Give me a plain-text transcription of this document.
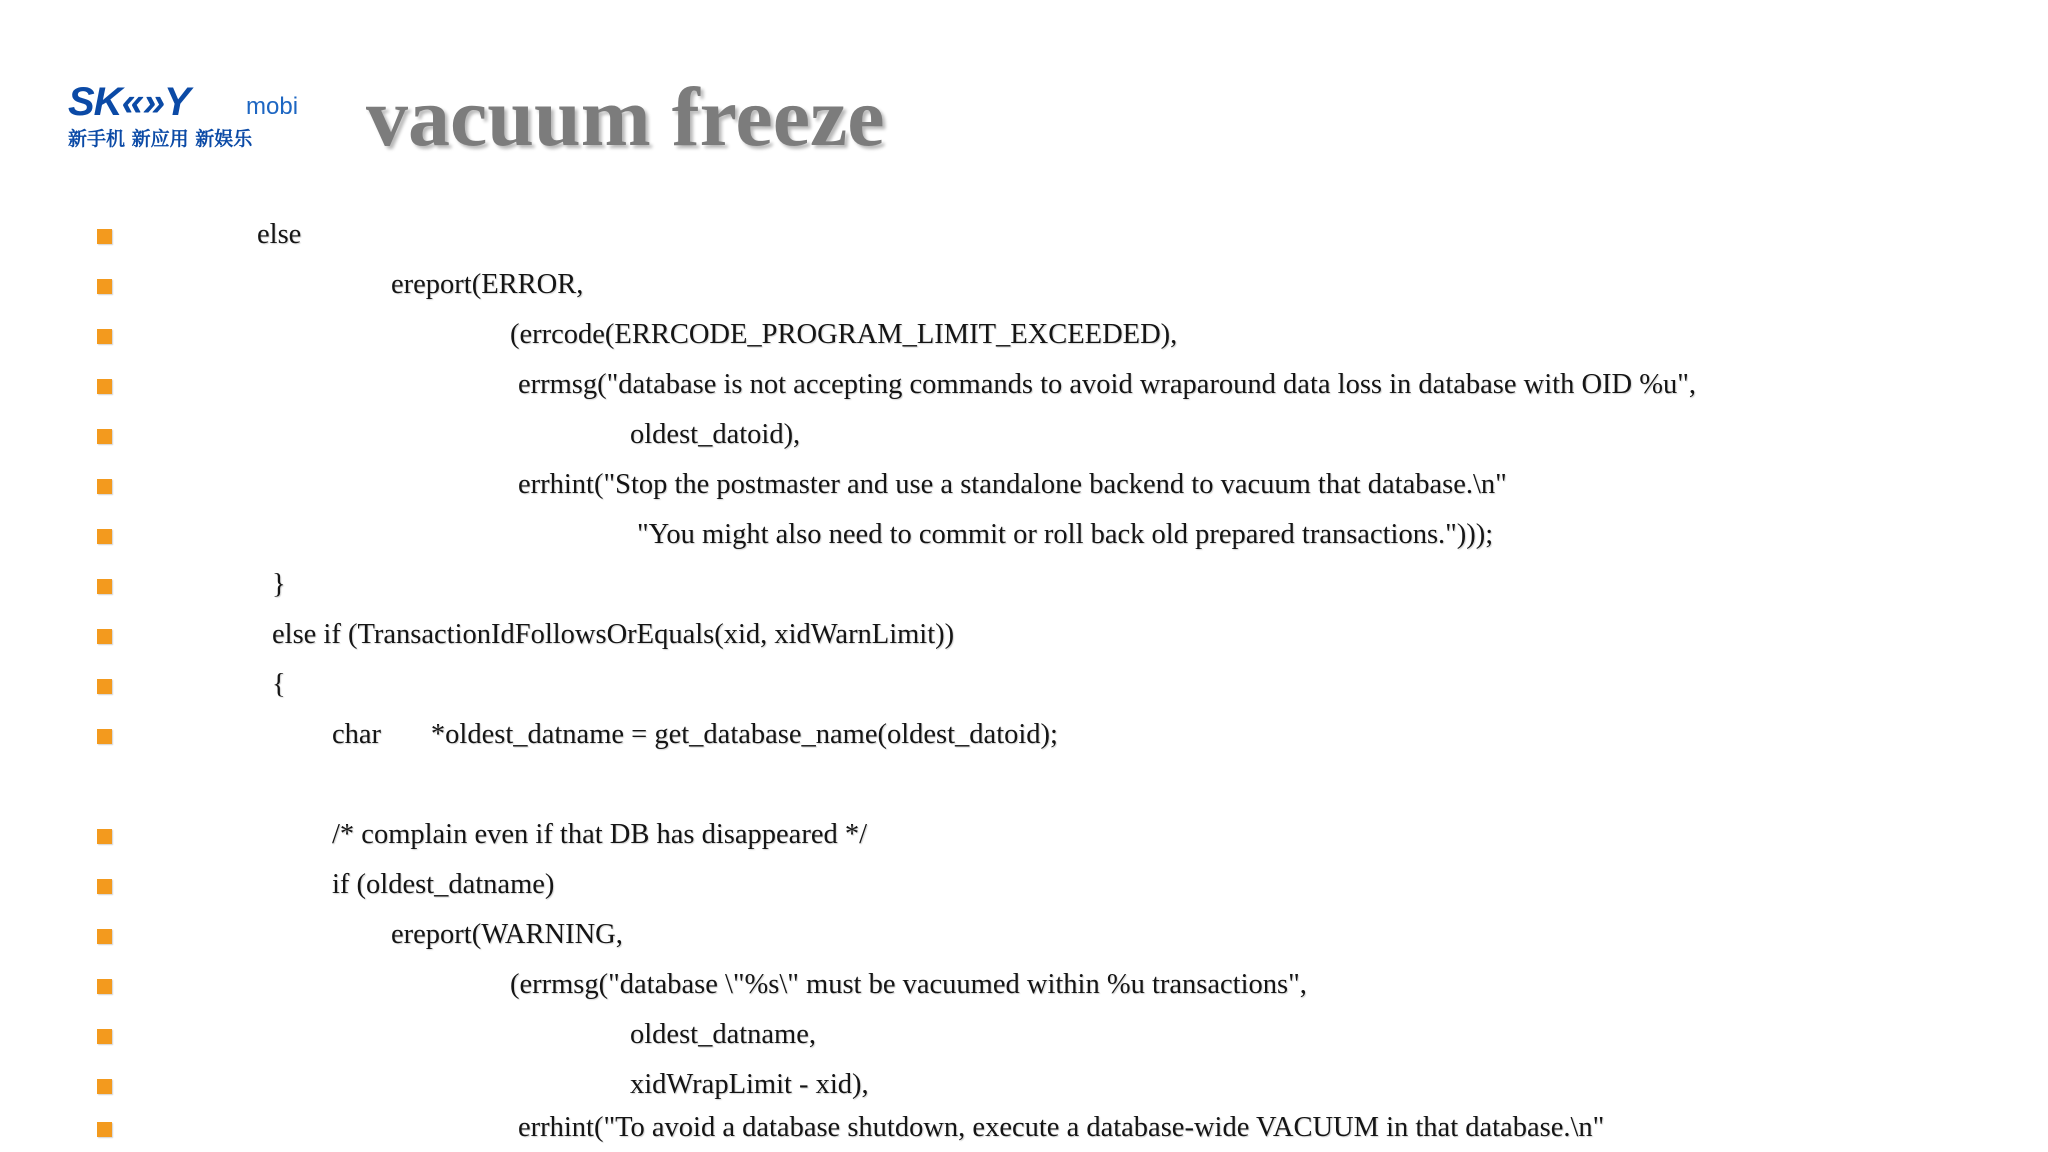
SK«»Y mobi
新手机 新应用 新娱乐 vacuum freeze
else
ereport(ERROR,
(errcode(ERRCODE_PROGRAM_LIMIT_EXCEEDED),
errmsg("database is not accepting commands to avoid wraparound data loss in database with OID %u",
oldest_datoid),
errhint("Stop the postmaster and use a standalone backend to vacuum that database.\n"
"You might also need to commit or roll back old prepared transactions.")));
}
else if (TransactionIdFollowsOrEquals(xid, xidWarnLimit))
{
char       *oldest_datname = get_database_name(oldest_datoid);
/* complain even if that DB has disappeared */
if (oldest_datname)
ereport(WARNING,
(errmsg("database \"%s\" must be vacuumed within %u transactions",
oldest_datname,
xidWrapLimit - xid),
errhint("To avoid a database shutdown, execute a database-wide VACUUM in that database.\n"
